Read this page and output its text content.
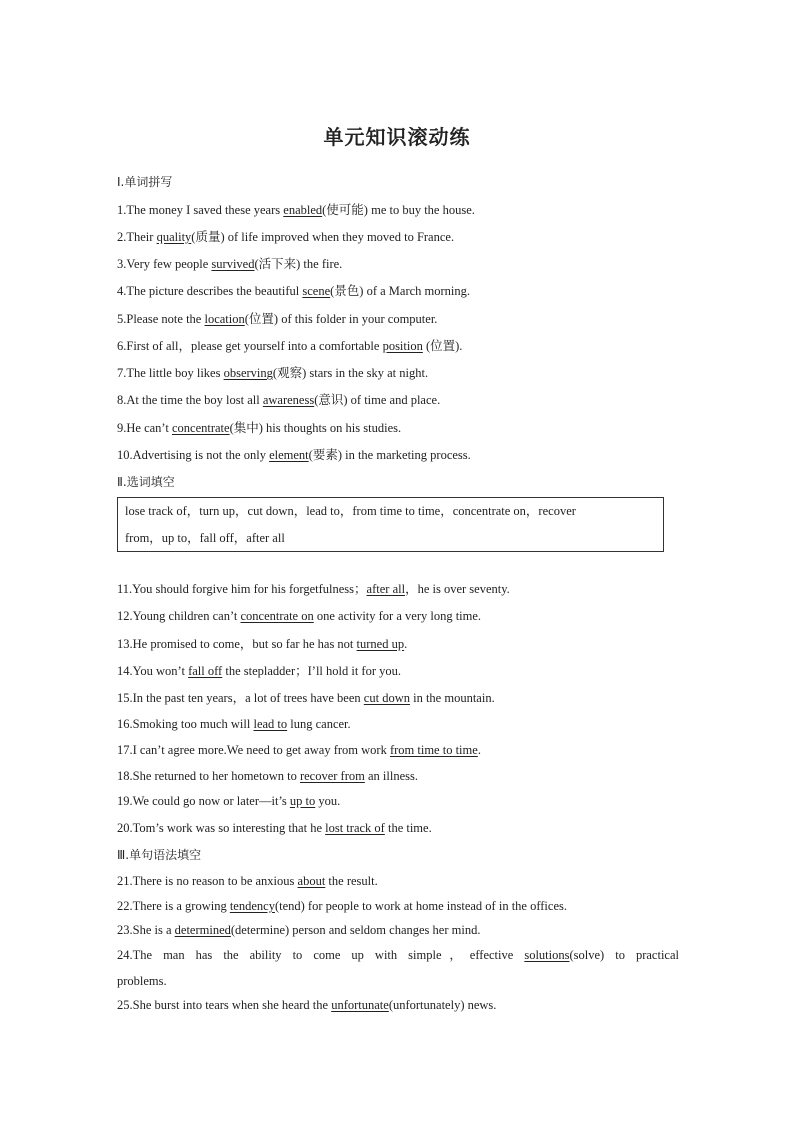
单元知识滚动练
Ⅰ.单词拼写
1.The money I saved these years enabled(使可能) me to buy the house.
2.Their quality(质量) of life improved when they moved to France.
3.Very few people survived(活下来) the fire.
4.The picture describes the beautiful scene(景色) of a March morning.
5.Please note the location(位置) of this folder in your computer.
6.First of all，please get yourself into a comfortable position (位置).
7.The little boy likes observing(观察) stars in the sky at night.
8.At the time the boy lost all awareness(意识) of time and place.
9.He can’t concentrate(集中) his thoughts on his studies.
10.Advertising is not the only element(要素) in the marketing process.
Ⅱ.选词填空
lose track of，turn up，cut down，lead to，from time to time，concentrate on，recover
from，up to，fall off，after all
11.You should forgive him for his forgetfulness；after all，he is over seventy.
12.Young children can’t concentrate on one activity for a very long time.
13.He promised to come，but so far he has not turned up.
14.You won’t fall off the stepladder；I’ll hold it for you.
15.In the past ten years，a lot of trees have been cut down in the mountain.
16.Smoking too much will lead to lung cancer.
17.I can’t agree more.We need to get away from work from time to time.
18.She returned to her hometown to recover from an illness.
19.We could go now or later—it’s up to you.
20.Tom’s work was so interesting that he lost track of the time.
Ⅲ.单句语法填空
21.There is no reason to be anxious about the result.
22.There is a growing tendency(tend) for people to work at home instead of in the offices.
23.She is a determined(determine) person and seldom changes her mind.
24.The man has the ability to come up with simple，effective solutions(solve) to practical
problems.
25.She burst into tears when she heard the unfortunate(unfortunately) news.
